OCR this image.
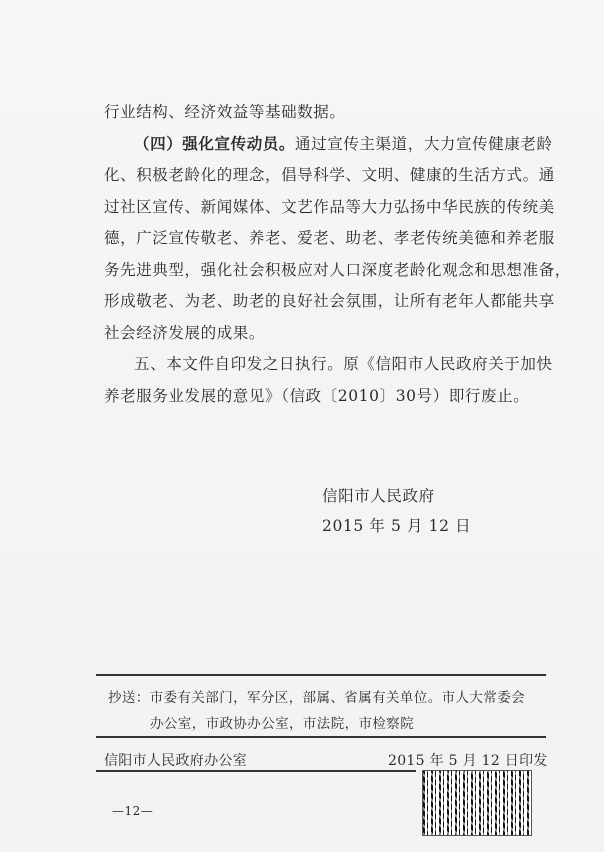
行业结构、经济效益等基础数据。
（四）强化宣传动员。通过宣传主渠道，大力宣传健康老龄
化、积极老龄化的理念，倡导科学、文明、健康的生活方式。通
过社区宣传、新闻媒体、文艺作品等大力弘扬中华民族的传统美
德，广泛宣传敬老、养老、爱老、助老、孝老传统美德和养老服
务先进典型，强化社会积极应对人口深度老龄化观念和思想准备，
形成敬老、为老、助老的良好社会氛围，让所有老年人都能共享
社会经济发展的成果。
五、本文件自印发之日执行。原《信阳市人民政府关于加快
养老服务业发展的意见》（信政〔2010〕30号）即行废止。
信阳市人民政府
2015 年 5 月 12 日
抄送：市委有关部门，军分区，部属、省属有关单位。市人大常委会
办公室，市政协办公室，市法院，市检察院
信阳市人民政府办公室	2015 年 5 月 12 日印发
—12—
